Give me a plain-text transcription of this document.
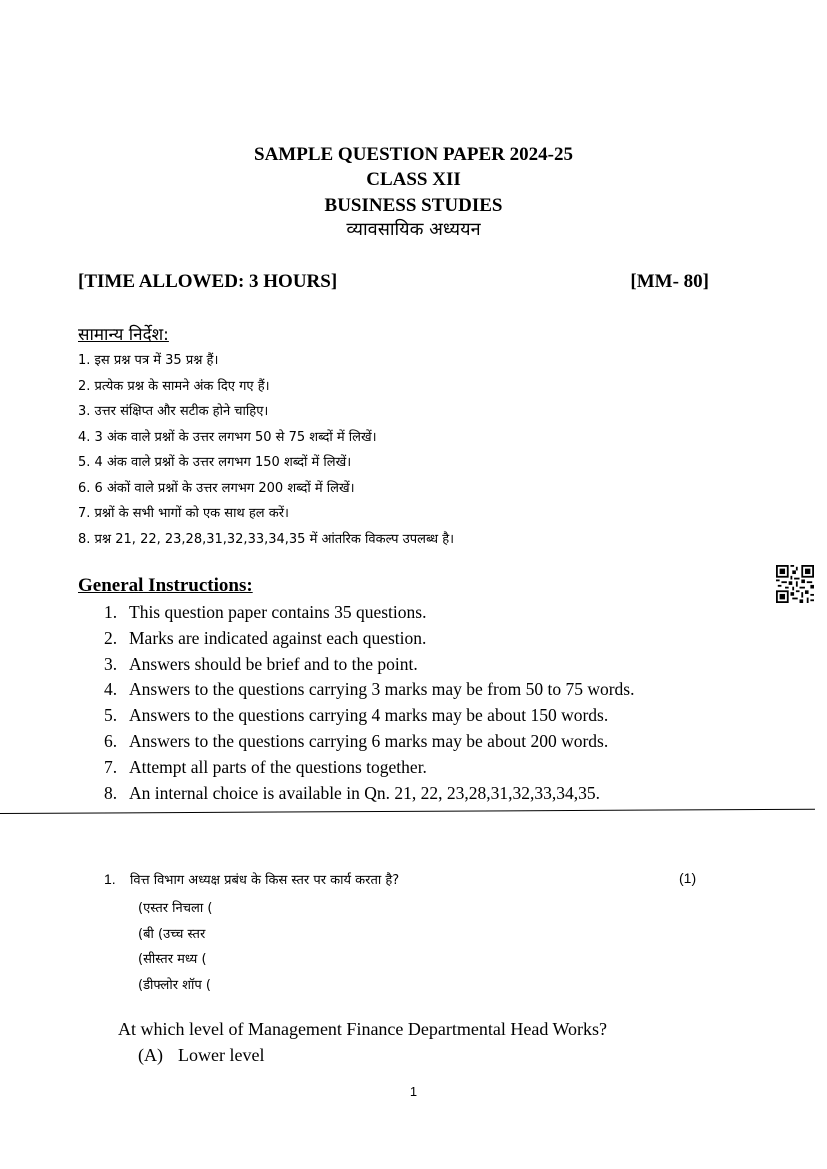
SAMPLE QUESTION PAPER 2024-25
CLASS XII
BUSINESS STUDIES
व्यावसायिक अध्ययन
[TIME ALLOWED: 3 HOURS]	[MM- 80]
सामान्य निर्देश:
1. इस प्रश्न पत्र में 35 प्रश्न हैं।
2. प्रत्येक प्रश्न के सामने अंक दिए गए हैं।
3. उत्तर संक्षिप्त और सटीक होने चाहिए।
4. 3 अंक वाले प्रश्नों के उत्तर लगभग 50 से 75 शब्दों में लिखें।
5. 4 अंक वाले प्रश्नों के उत्तर लगभग 150 शब्दों में लिखें।
6. 6 अंकों वाले प्रश्नों के उत्तर लगभग 200 शब्दों में लिखें।
7. प्रश्नों के सभी भागों को एक साथ हल करें।
8. प्रश्न 21, 22, 23,28,31,32,33,34,35 में आंतरिक विकल्प उपलब्ध है।
General Instructions:
1. This question paper contains 35 questions.
2. Marks are indicated against each question.
3. Answers should be brief and to the point.
4. Answers to the questions carrying 3 marks may be from 50 to 75 words.
5. Answers to the questions carrying 4 marks may be about 150 words.
6. Answers to the questions carrying 6 marks may be about 200 words.
7. Attempt all parts of the questions together.
8. An internal choice is available in Qn. 21, 22, 23,28,31,32,33,34,35.
1. वित्त विभाग अध्यक्ष प्रबंध के किस स्तर पर कार्य करता है?	(1)
(एस्तर निचला (
(बी (उच्च स्तर
(सीस्तर मध्य (
(डीफ्लोर शॉप (
At which level of Management Finance Departmental Head Works?
(A) Lower level
1
